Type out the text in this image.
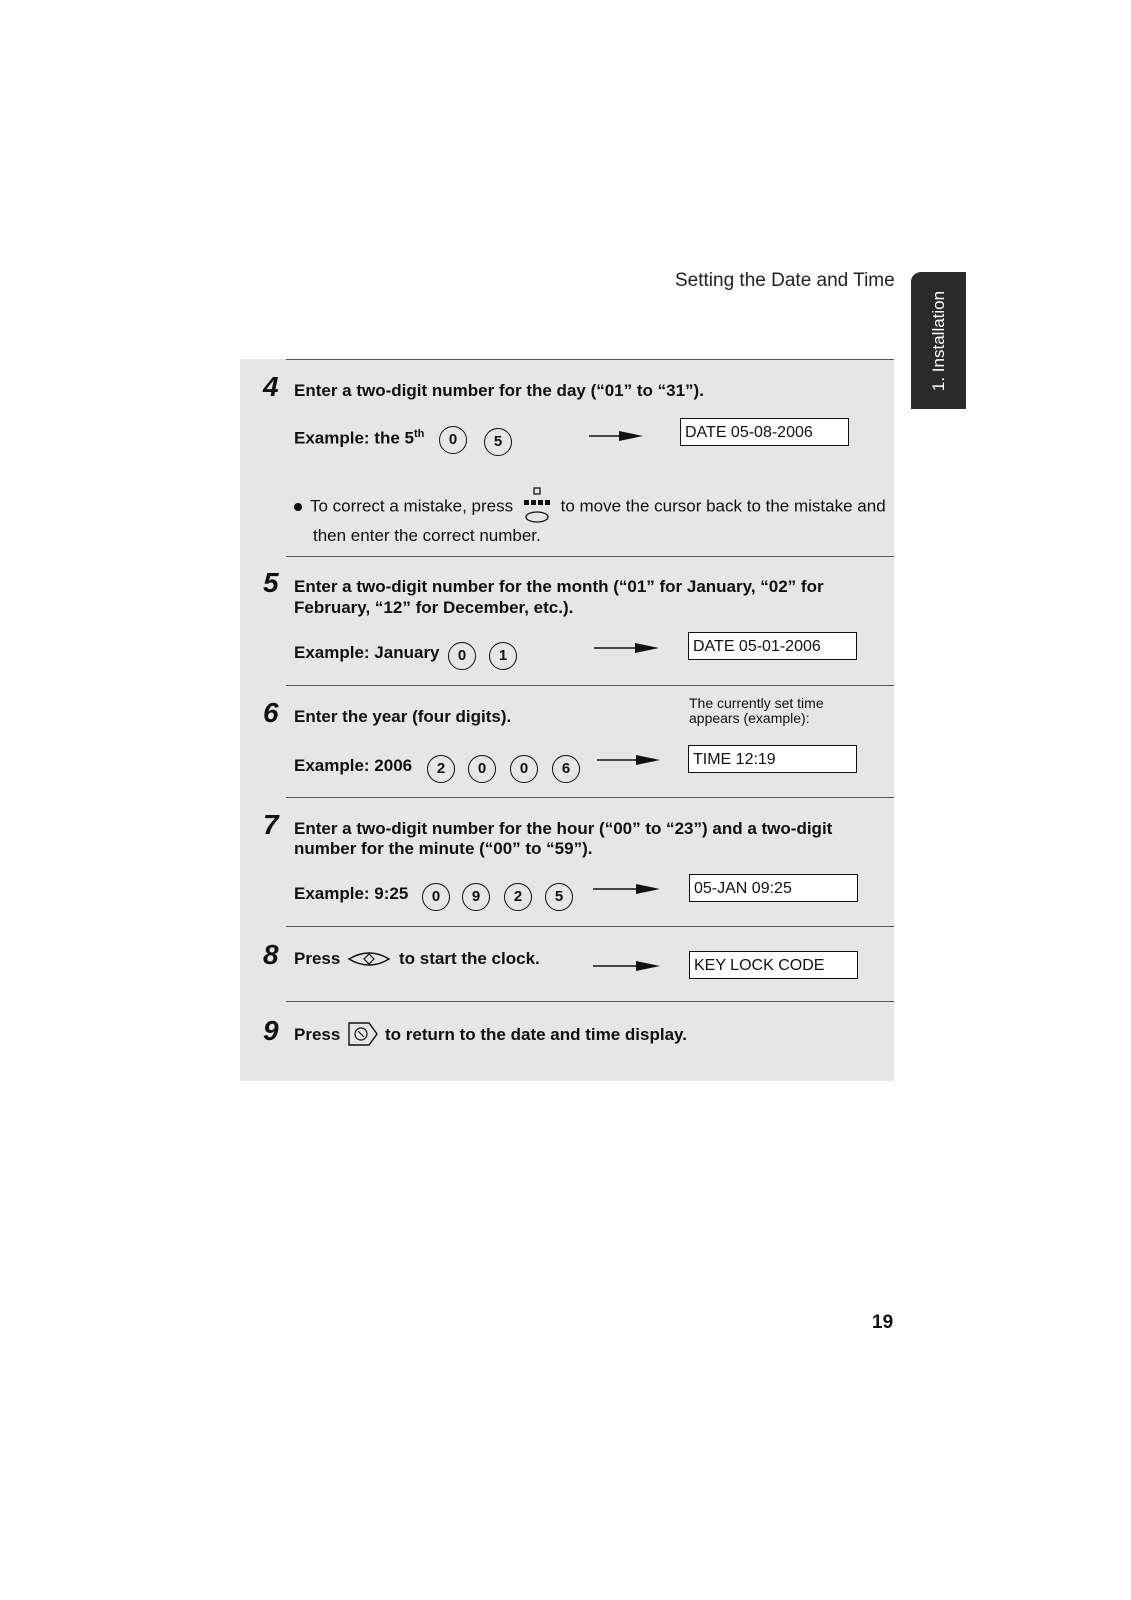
Setting the Date and Time
1. Installation
4 Enter a two-digit number for the day (“01” to “31”).
Example: the 5th	0	5
DATE 05-08-2006
To correct a mistake, press	to move the cursor back to the mistake and
then enter the correct number.
5 Enter a two-digit number for the month (“01” for January, “02” for
February, “12” for December, etc.).
Example: January	0	1
DATE 05-01-2006
6 Enter the year (four digits).
The currently set time
appears (example):
Example: 2006	2	0	0	6
TIME 12:19
7 Enter a two-digit number for the hour (“00” to “23”) and a two-digit
number for the minute (“00” to “59”).
Example: 9:25	0	9	2	5	05-JAN 09:25
8 Press	to start the clock.	KEY LOCK CODE
9 Press	to return to the date and time display.
19
